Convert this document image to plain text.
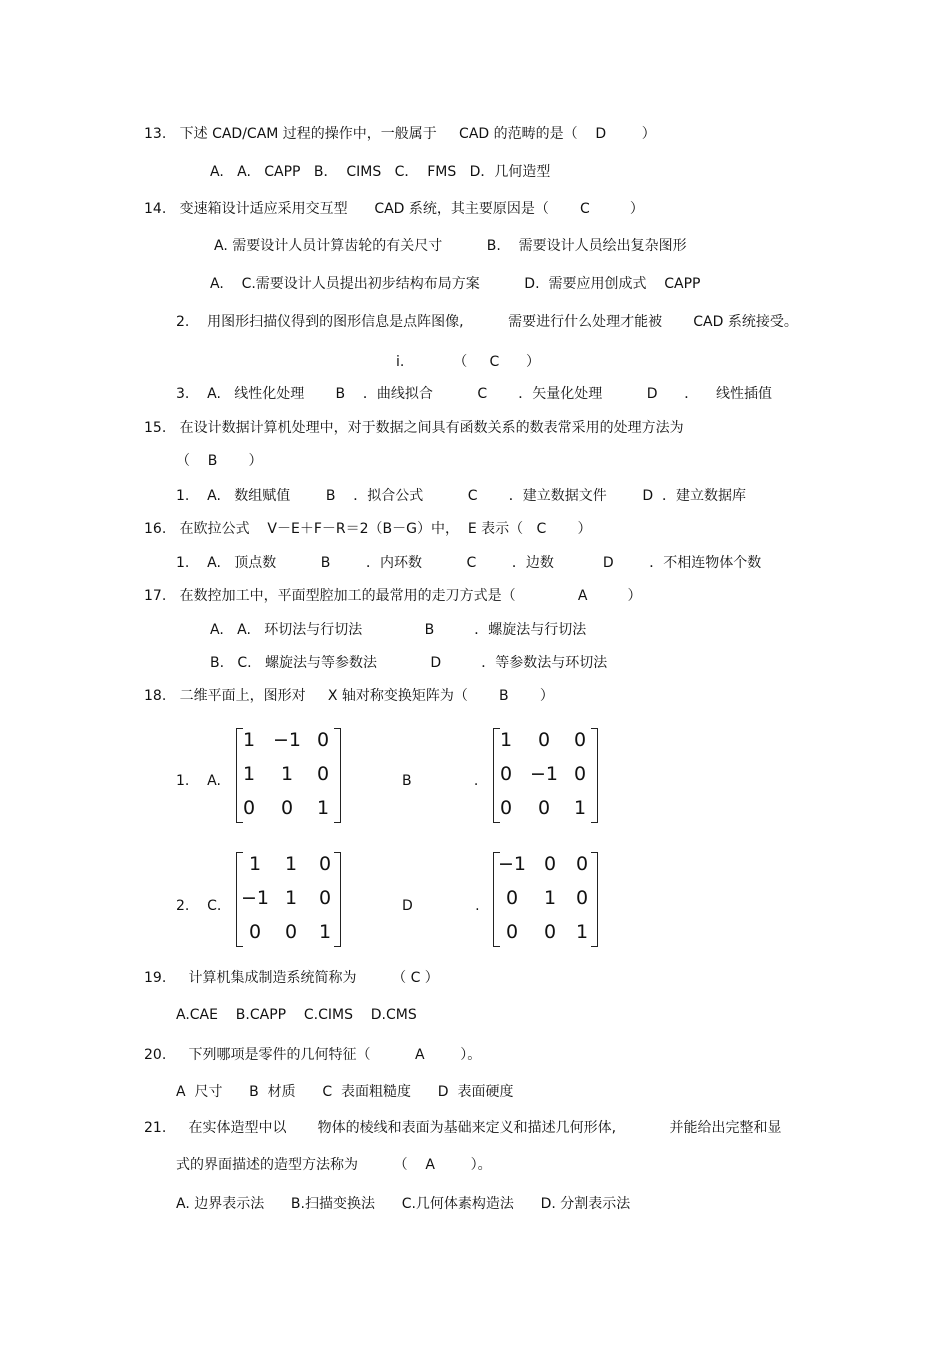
13.   下述 CAD/CAM 过程的操作中，一般属于     CAD 的范畴的是（    D        ）
A.   A.   CAPP   B．  CIMS   C．  FMS   D．几何造型
14.   变速箱设计适应采用交互型      CAD 系统，其主要原因是（       C         ）
A. 需要设计人员计算齿轮的有关尺寸          B.    需要设计人员绘出复杂图形
A.    C.需要设计人员提出初步结构布局方案          D.  需要应用创成式    CAPP
2.    用图形扫描仪得到的图形信息是点阵图像,          需要进行什么处理才能被       CAD 系统接受。
i.           （     C      ）
3.    A.   线性化处理       B    ．曲线拟合          C       ．矢量化处理          D      ．    线性插值
15.   在设计数据计算机处理中，对于数据之间具有函数关系的数表常采用的处理方法为
（    B       ）
1.    A.   数组赋值        B    ．拟合公式          C       ．建立数据文件        D  ．建立数据库
16.   在欧拉公式    V－E＋F－R＝2（B－G）中，  E 表示（   C       ）
1.    A.   顶点数          B        ．内环数          C        ．边数           D        ．不相连物体个数
17.   在数控加工中，平面型腔加工的最常用的走刀方式是（              A         ）
A.   A.   环切法与行切法              B         ．螺旋法与行切法
B.   C.   螺旋法与等参数法            D         ．等参数法与环切法
18.   二维平面上，图形对     X 轴对称变换矩阵为（       B       ）
1.    A.
1 −1 0
1	1	0
0	0	1
B              .
1	0	0
0 −1 0
0	0	1
2.    C.
1	1	0
−1 1	0
0	0	1
D              .
−1 0	0
0	1	0
0	0	1
19.     计算机集成制造系统简称为        （ C ）
A.CAE    B.CAPP    C.CIMS    D.CMS
20.     下列哪项是零件的几何特征（          A        ）。
A  尺寸      B  材质      C  表面粗糙度      D  表面硬度
21.     在实体造型中以       物体的棱线和表面为基础来定义和描述几何形体,            并能给出完整和显
式的界面描述的造型方法称为        （    A        ）。
A. 边界表示法      B.扫描变换法      C.几何体素构造法      D. 分割表示法
